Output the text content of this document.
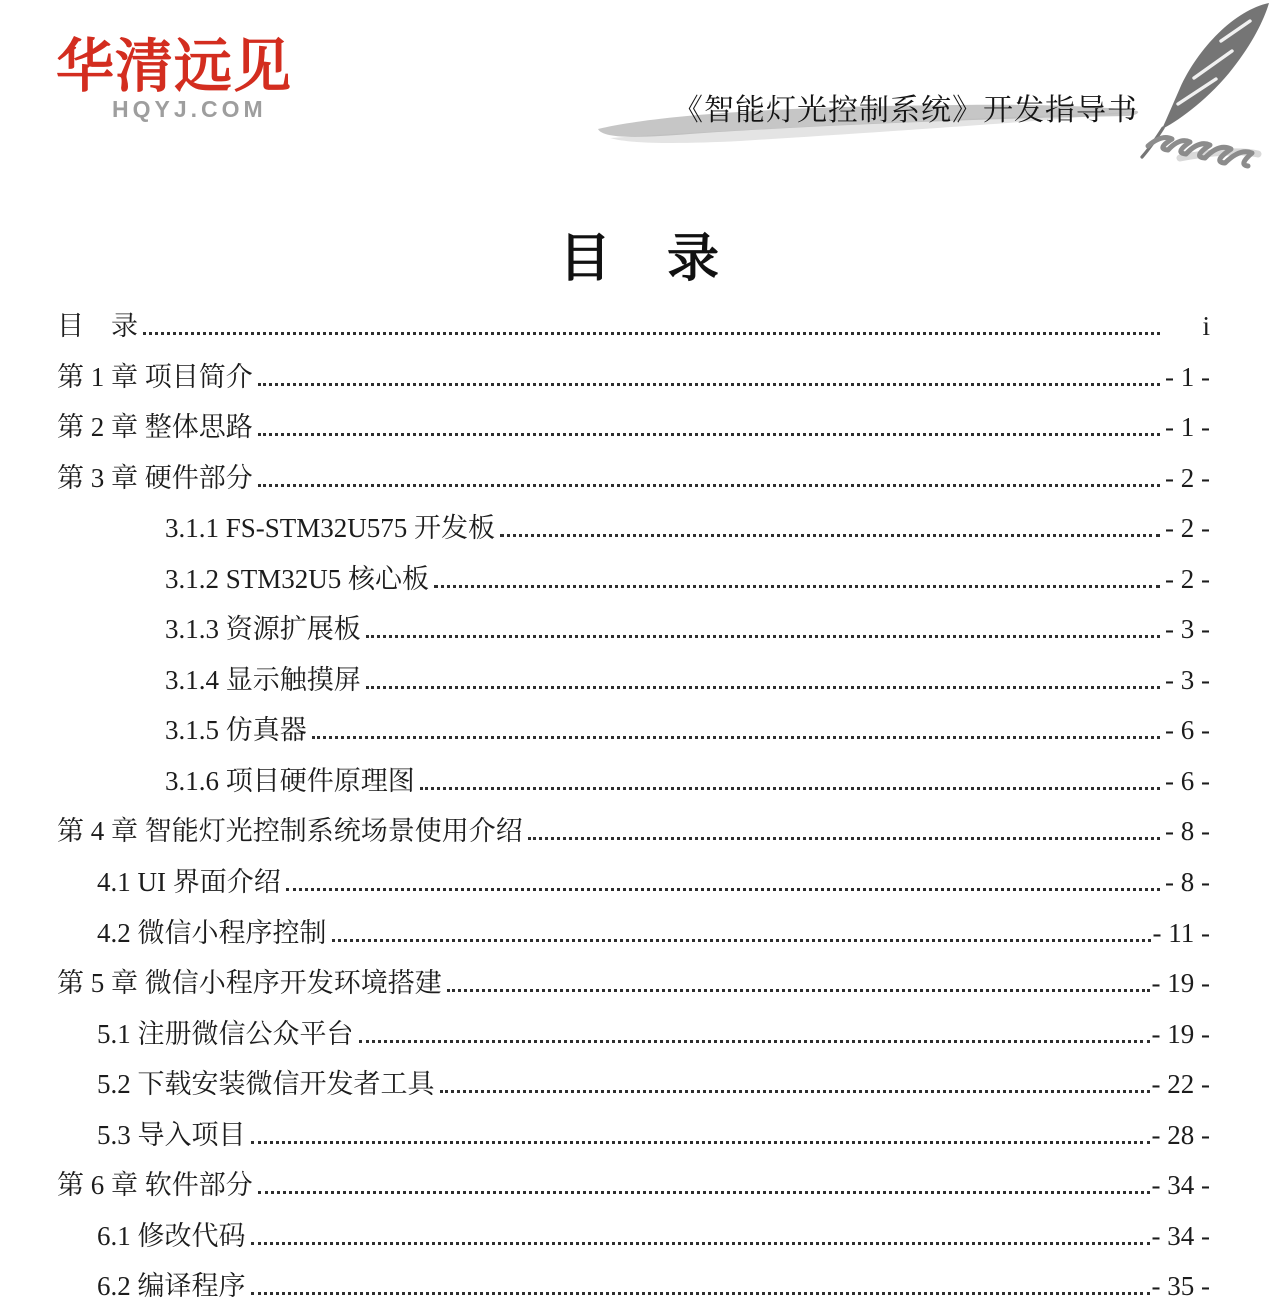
华清远见
HQYJ.COM	《智能灯光控制系统》开发指导书
目　录
目　录	i
第 1 章 项目简介	- 1 -
第 2 章 整体思路	- 1 -
第 3 章 硬件部分	- 2 -
3.1.1 FS-STM32U575 开发板	- 2 -
3.1.2 STM32U5 核心板	- 2 -
3.1.3 资源扩展板	- 3 -
3.1.4 显示触摸屏	- 3 -
3.1.5 仿真器	- 6 -
3.1.6 项目硬件原理图	- 6 -
第 4 章 智能灯光控制系统场景使用介绍	- 8 -
4.1 UI 界面介绍	- 8 -
4.2 微信小程序控制	- 11 -
第 5 章 微信小程序开发环境搭建	- 19 -
5.1 注册微信公众平台	- 19 -
5.2 下载安装微信开发者工具	- 22 -
5.3 导入项目	- 28 -
第 6 章 软件部分	- 34 -
6.1 修改代码	- 34 -
6.2 编译程序	- 35 -
